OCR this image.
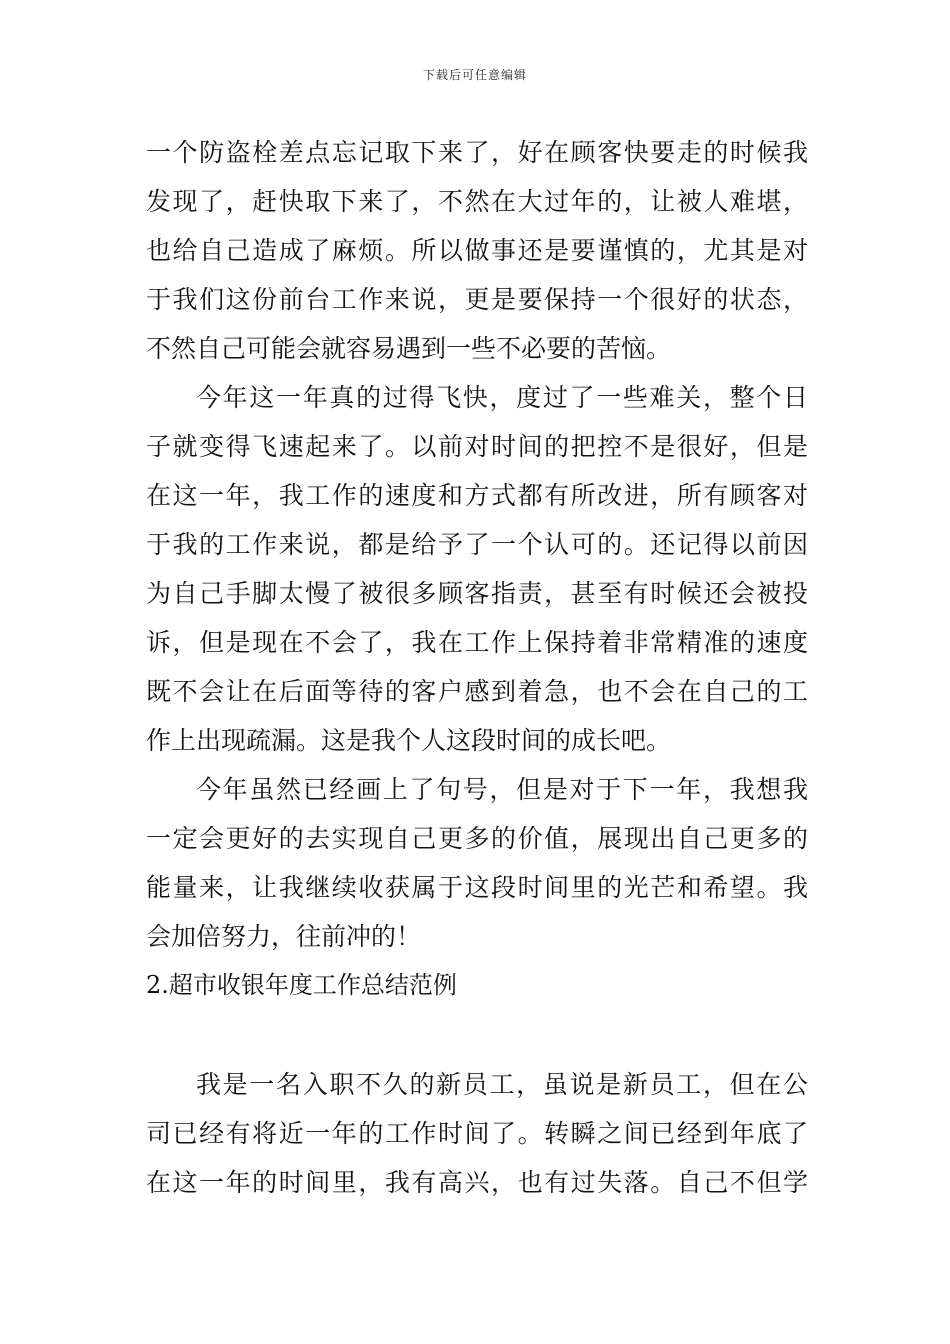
下载后可任意编辑
一个防盗栓差点忘记取下来了，好在顾客快要走的时候我
发现了，赶快取下来了，不然在大过年的，让被人难堪，
也给自己造成了麻烦。所以做事还是要谨慎的，尤其是对
于我们这份前台工作来说，更是要保持一个很好的状态，
不然自己可能会就容易遇到一些不必要的苦恼。
今年这一年真的过得飞快，度过了一些难关，整个日
子就变得飞速起来了。以前对时间的把控不是很好，但是
在这一年，我工作的速度和方式都有所改进，所有顾客对
于我的工作来说，都是给予了一个认可的。还记得以前因
为自己手脚太慢了被很多顾客指责，甚至有时候还会被投
诉，但是现在不会了，我在工作上保持着非常精准的速度
既不会让在后面等待的客户感到着急，也不会在自己的工
作上出现疏漏。这是我个人这段时间的成长吧。
今年虽然已经画上了句号，但是对于下一年，我想我
一定会更好的去实现自己更多的价值，展现出自己更多的
能量来，让我继续收获属于这段时间里的光芒和希望。我
会加倍努力，往前冲的！
2.超市收银年度工作总结范例
我是一名入职不久的新员工，虽说是新员工，但在公
司已经有将近一年的工作时间了。转瞬之间已经到年底了
在这一年的时间里，我有高兴，也有过失落。自己不但学
